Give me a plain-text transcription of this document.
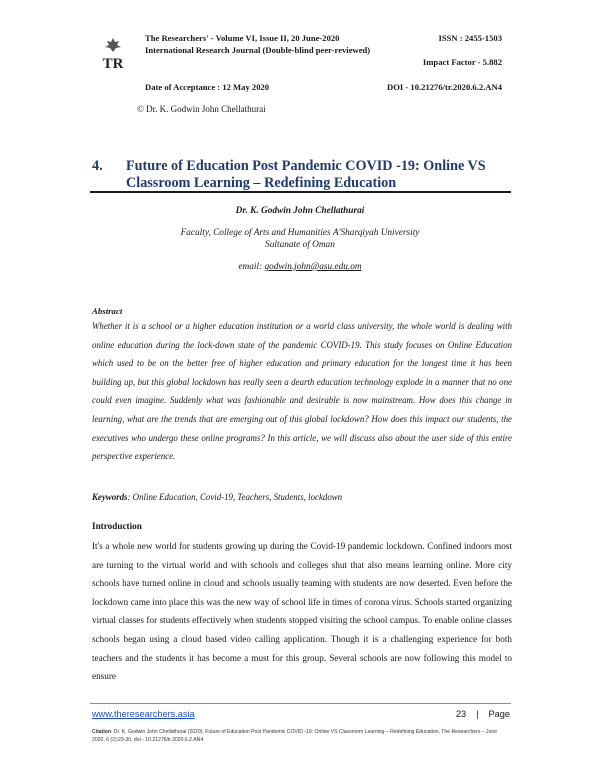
TR
The Researchers' - Volume VI, Issue II, 20 June-2020
International Research Journal (Double-blind peer-reviewed)
ISSN : 2455-1503
Impact Factor - 5.882
Date of Acceptance : 12 May 2020	DOI - 10.21276/tr.2020.6.2.AN4
© Dr. K. Godwin John Chellathurai
4. Future of Education Post Pandemic COVID -19: Online VS Classroom Learning – Redefining Education
Dr. K. Godwin John Chellathurai
Faculty, College of Arts and Humanities A'Sharqiyah University
Sultanate of Oman
email: godwin.john@asu.edu.om
Abstract
Whether it is a school or a higher education institution or a world class university, the whole world is dealing with online education during the lock-down state of the pandemic COVID-19. This study focuses on Online Education which used to be on the better free of higher education and primary education for the longest time it has been building up, but this global lockdown has really seen a dearth education technology explode in a manner that no one could even imagine. Suddenly what was fashionable and desirable is now mainstream. How does this change in learning, what are the trends that are emerging out of this global lockdown? How does this impact our students, the executives who undergo these online programs? In this article, we will discuss also about the user side of this entire perspective experience.
Keywords: Online Education, Covid-19, Teachers, Students, lockdown
Introduction
It's a whole new world for students growing up during the Covid-19 pandemic lockdown. Confined indoors most are turning to the virtual world and with schools and colleges shut that also means learning online. More city schools have turned online in cloud and schools usually teaming with students are now deserted. Even before the lockdown came into place this was the new way of school life in times of corona virus. Schools started organizing virtual classes for students effectively when students stopped visiting the school campus. To enable online classes schools began using a cloud based video calling application. Though it is a challenging experience for both teachers and the students it has become a must for this group. Several schools are now following this model to ensure
www.theresearchers.asia	23 | Page
Citation: Dr. K. Godwin John Chellathurai (2020). Future of Education Post Pandemic COVID -19: Online VS Classroom Learning – Redefining Education, The Researchers – June 2020, 6 (2):29-30. doi - 10.21276/tr.2020.6.2.AN4
